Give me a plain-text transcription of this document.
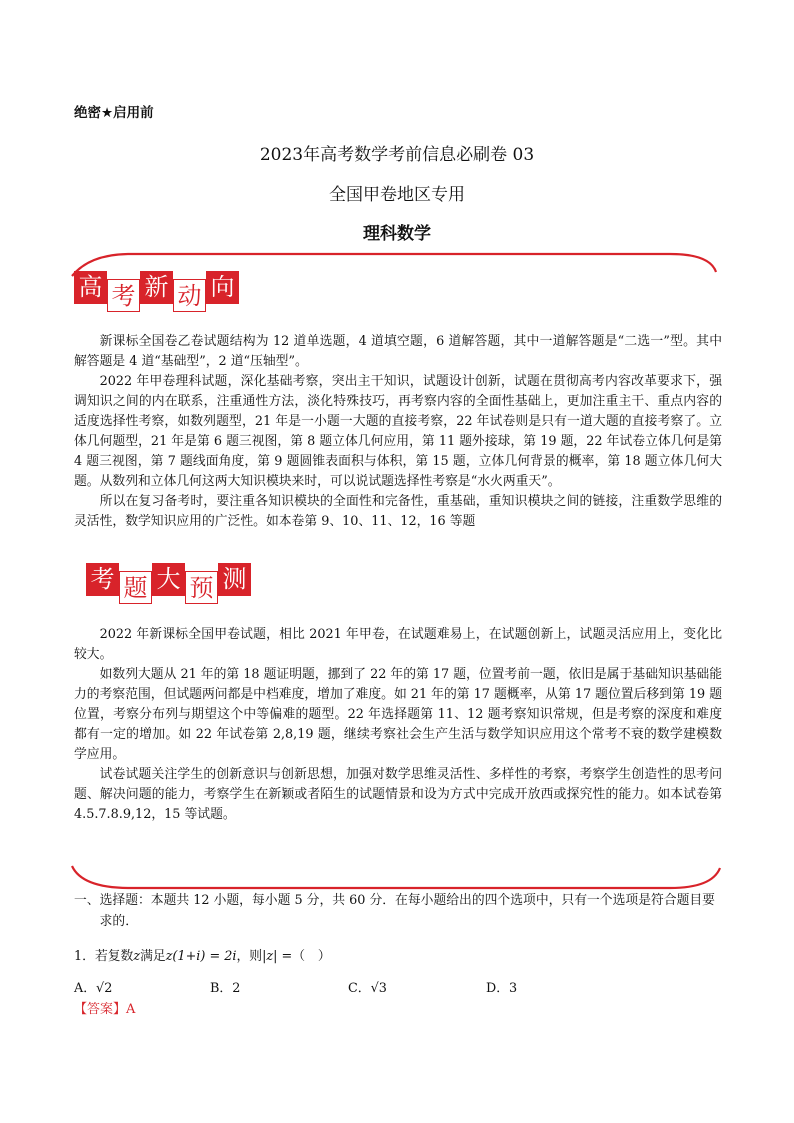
绝密★启用前
2023年高考数学考前信息必刷卷 03
全国甲卷地区专用
理科数学
高 考 新 动 向

新课标全国卷乙卷试题结构为 12 道单选题，4 道填空题，6 道解答题，其中一道解答题是“二选一”型。其中解答题是 4 道“基础型”，2 道“压轴型”。

2022 年甲卷理科试题，深化基础考察，突出主干知识，试题设计创新，试题在贯彻高考内容改革要求下，强调知识之间的内在联系，注重通性方法，淡化特殊技巧，再考察内容的全面性基础上，更加注重主干、重点内容的适度选择性考察，如数列题型，21 年是一小题一大题的直接考察，22 年试卷则是只有一道大题的直接考察了。立体几何题型，21 年是第 6 题三视图，第 8 题立体几何应用，第 11 题外接球，第 19 题，22 年试卷立体几何是第 4 题三视图，第 7 题线面角度，第 9 题圆锥表面积与体积，第 15 题，立体几何背景的概率，第 18 题立体几何大题。从数列和立体几何这两大知识模块来时，可以说试题选择性考察是“水火两重天”。

所以在复习备考时，要注重各知识模块的全面性和完备性，重基础，重知识模块之间的链接，注重数学思维的灵活性，数学知识应用的广泛性。如本卷第 9、10、11、12，16 等题

考 题 大 预 测

2022 年新课标全国甲卷试题，相比 2021 年甲卷，在试题难易上，在试题创新上，试题灵活应用上，变化比较大。

如数列大题从 21 年的第 18 题证明题，挪到了 22 年的第 17 题，位置考前一题，依旧是属于基础知识基础能力的考察范围，但试题两问都是中档难度，增加了难度。如 21 年的第 17 题概率，从第 17 题位置后移到第 19 题位置，考察分布列与期望这个中等偏难的题型。22 年选择题第 11、12 题考察知识常规，但是考察的深度和难度都有一定的增加。如 22 年试卷第 2,8,19 题，继续考察社会生产生活与数学知识应用这个常考不衰的数学建模数学应用。

试卷试题关注学生的创新意识与创新思想，加强对数学思维灵活性、多样性的考察，考察学生创造性的思考问题、解决问题的能力，考察学生在新颖或者陌生的试题情景和设为方式中完成开放西或探究性的能力。如本试卷第 4.5.7.8.9,12，15 等试题。

一、选择题：本题共 12 小题，每小题 5 分，共 60 分．在每小题给出的四个选项中，只有一个选项是符合题目要求的．

1．若复数z满足z(1+i) = 2i，则|z| =（　）
A．√2	B．2	C．√3	D．3
【答案】A
